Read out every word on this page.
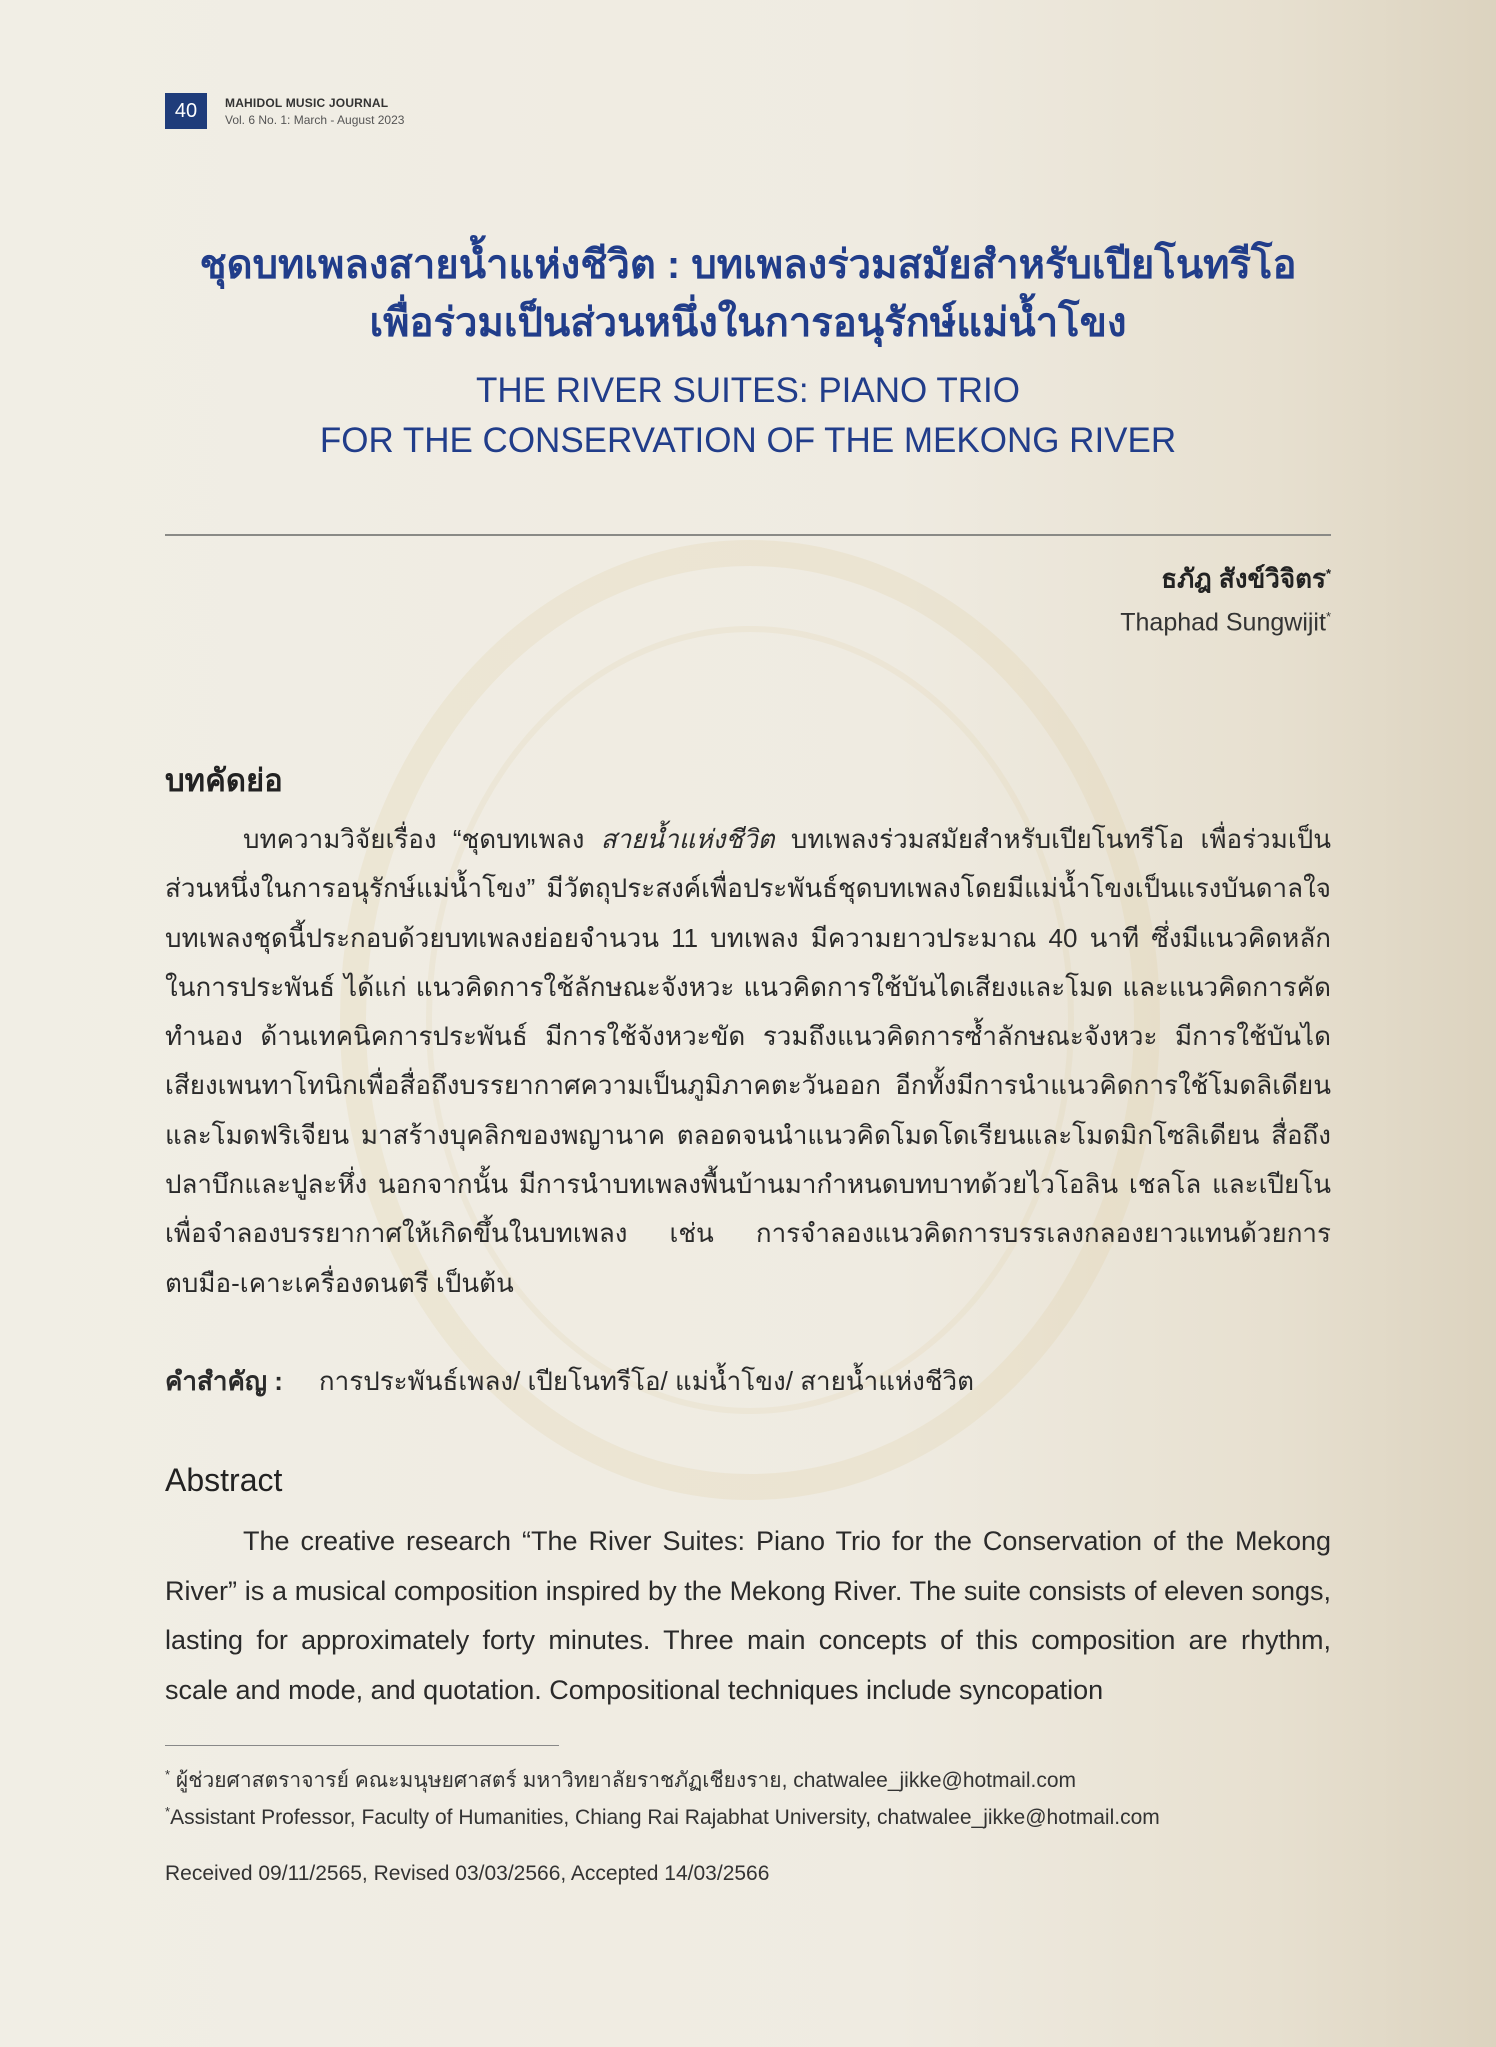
40	MAHIDOL MUSIC JOURNAL
Vol. 6 No. 1: March - August 2023
ชุดบทเพลงสายน้ำแห่งชีวิต : บทเพลงร่วมสมัยสำหรับเปียโนทรีโอ
เพื่อร่วมเป็นส่วนหนึ่งในการอนุรักษ์แม่น้ำโขง
THE RIVER SUITES: PIANO TRIO
FOR THE CONSERVATION OF THE MEKONG RIVER
ธภัฎ สังข์วิจิตร*
Thaphad Sungwijit*
บทคัดย่อ

บทความวิจัยเรื่อง “ชุดบทเพลง สายน้ำแห่งชีวิต บทเพลงร่วมสมัยสำหรับเปียโนทรีโอ เพื่อร่วมเป็นส่วนหนึ่งในการอนุรักษ์แม่น้ำโขง” มีวัตถุประสงค์เพื่อประพันธ์ชุดบทเพลงโดยมีแม่น้ำโขงเป็นแรงบันดาลใจ บทเพลงชุดนี้ประกอบด้วยบทเพลงย่อยจำนวน 11 บทเพลง มีความยาวประมาณ 40 นาที ซึ่งมีแนวคิดหลักในการประพันธ์ ได้แก่ แนวคิดการใช้ลักษณะจังหวะ แนวคิดการใช้บันไดเสียงและโมด และแนวคิดการคัดทำนอง ด้านเทคนิคการประพันธ์ มีการใช้จังหวะขัด รวมถึงแนวคิดการซ้ำลักษณะจังหวะ มีการใช้บันไดเสียงเพนทาโทนิกเพื่อสื่อถึงบรรยากาศความเป็นภูมิภาคตะวันออก อีกทั้งมีการนำแนวคิดการใช้โมดลิเดียนและโมดฟริเจียน มาสร้างบุคลิกของพญานาค ตลอดจนนำแนวคิดโมดโดเรียนและโมดมิกโซลิเดียน สื่อถึงปลาบึกและปูละหึ่ง นอกจากนั้น มีการนำบทเพลงพื้นบ้านมากำหนดบทบาทด้วยไวโอลิน เชลโล และเปียโนเพื่อจำลองบรรยากาศให้เกิดขึ้นในบทเพลง เช่น การจำลองแนวคิดการบรรเลงกลองยาวแทนด้วยการตบมือ-เคาะเครื่องดนตรี เป็นต้น

คำสำคัญ : การประพันธ์เพลง/ เปียโนทรีโอ/ แม่น้ำโขง/ สายน้ำแห่งชีวิต
Abstract

The creative research “The River Suites: Piano Trio for the Conservation of the Mekong River” is a musical composition inspired by the Mekong River. The suite consists of eleven songs, lasting for approximately forty minutes. Three main concepts of this composition are rhythm, scale and mode, and quotation. Compositional techniques include syncopation

* ผู้ช่วยศาสตราจารย์ คณะมนุษยศาสตร์ มหาวิทยาลัยราชภัฏเชียงราย, chatwalee_jikke@hotmail.com
*Assistant Professor, Faculty of Humanities, Chiang Rai Rajabhat University, chatwalee_jikke@hotmail.com
Received 09/11/2565, Revised 03/03/2566, Accepted 14/03/2566
